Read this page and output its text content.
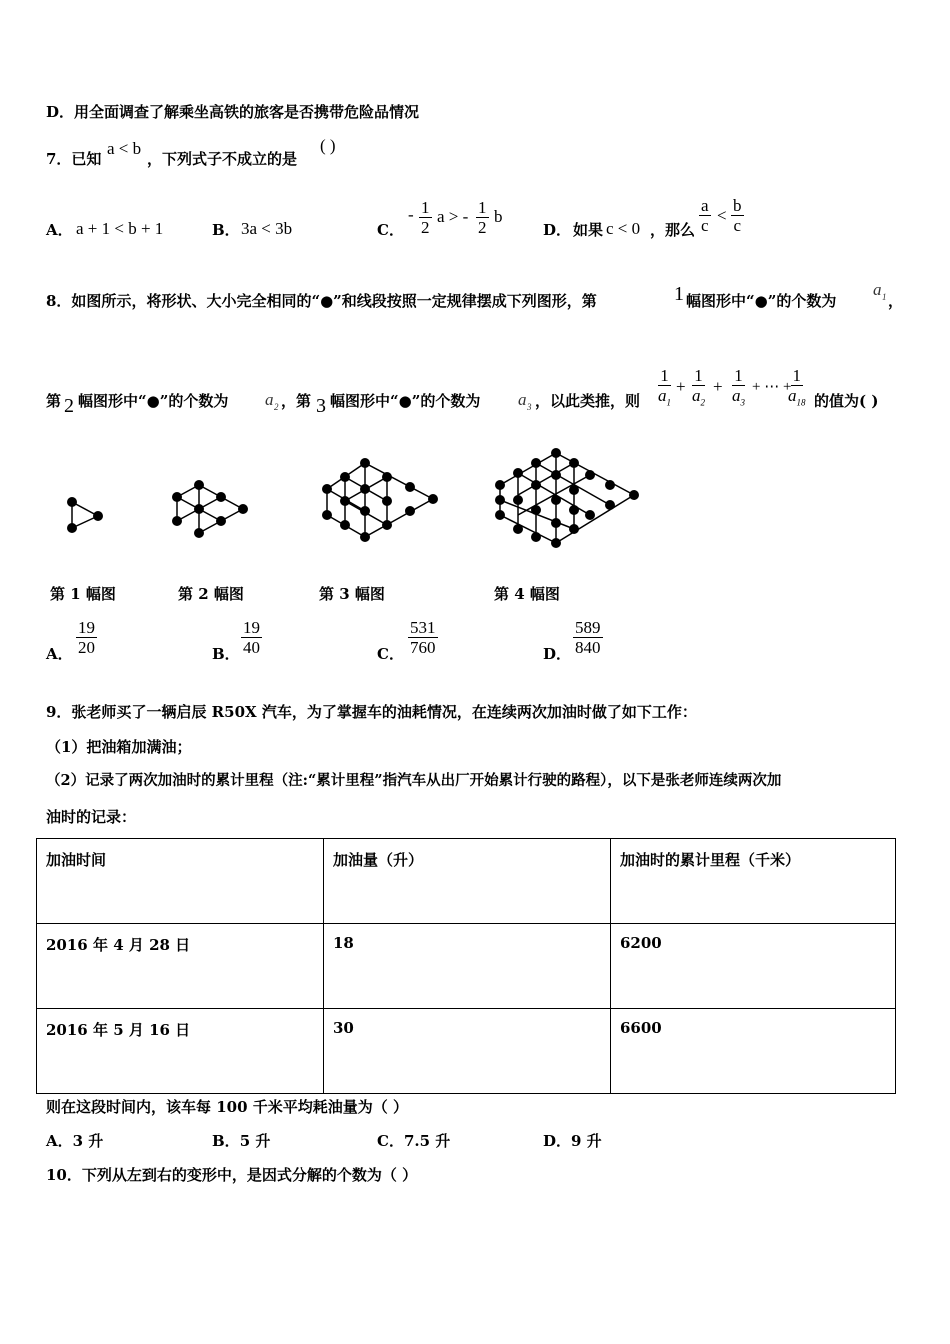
D．用全面调查了解乘坐高铁的旅客是否携带危险品情况
7．已知
a < b
，下列式子不成立的是
( )
A． a + 1 < b + 1	B． 3a < 3b	C．
- $\frac{1}{2}$ a > - $\frac{1}{2}$ b
D． 如果 c < 0 ，那么 $\frac{a}{c} < \frac{b}{c}$
8．如图所示，将形状、大小完全相同的“●”和线段按照一定规律摆成下列图形，第	1 幅图形中“●”的个数为
a 1 ，
第 2 幅图形中“●”的个数为 a 2 ，第 3 幅图形中“●”的个数为 a 3 ，以此类推，则 $\frac{1}{a_1} + \frac{1}{a_2} + \frac{1}{a_3}$ + ⋯ +
$\frac{1}{a_{18}}$ 的值为( )
第 1 幅图	第 2 幅图	第 3 幅图	第 4 幅图
A． $\frac{19}{20}$	B． $\frac{19}{40}$	C． $\frac{531}{760}$	D． $\frac{589}{840}$
9．张老师买了一辆启辰 R50X 汽车，为了掌握车的油耗情况，在连续两次加油时做了如下工作：
（1）把油箱加满油；
（2）记录了两次加油时的累计里程（注:“累计里程”指汽车从出厂开始累计行驶的路程），以下是张老师连续两次加
油时的记录：
加油时间	加油量（升）	加油时的累计里程（千米）
2016 年 4 月 28 日	18	6200
2016 年 5 月 16 日	30	6600
则在这段时间内，该车每 100 千米平均耗油量为（ ）
A．3 升	B．5 升	C．7.5 升	D．9 升
10．下列从左到右的变形中，是因式分解的个数为（ ）
